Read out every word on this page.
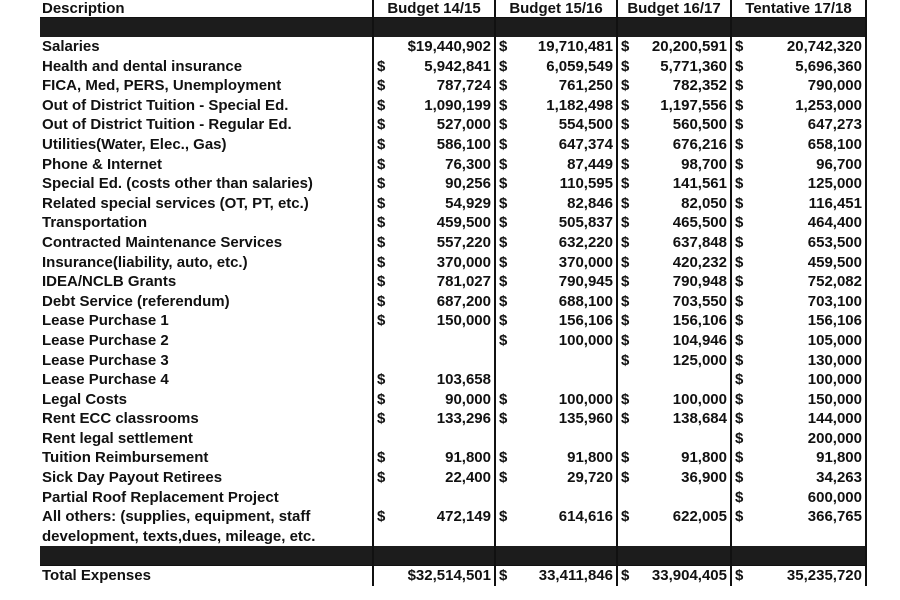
Description	Budget 14/15	Budget 15/16	Budget 16/17	Tentative 17/18

Salaries	$19,440,902	$ 19,710,481	$ 20,200,591	$ 20,742,320

Health and dental insurance	$ 5,942,841	$ 6,059,549	$ 5,771,360	$ 5,696,360

FICA, Med, PERS, Unemployment	$ 787,724	$ 761,250	$ 782,352	$ 790,000

Out of District Tuition - Special Ed.	$ 1,090,199	$ 1,182,498	$ 1,197,556	$ 1,253,000

Out of District Tuition - Regular Ed.	$ 527,000	$ 554,500	$ 560,500	$ 647,273

Utilities(Water, Elec., Gas)	$ 586,100	$ 647,374	$ 676,216	$ 658,100

Phone & Internet	$ 76,300	$ 87,449	$ 98,700	$ 96,700

Special Ed. (costs other than salaries)	$ 90,256	$ 110,595	$ 141,561	$ 125,000

Related special services (OT, PT, etc.)	$ 54,929	$ 82,846	$ 82,050	$ 116,451

Transportation	$ 459,500	$ 505,837	$ 465,500	$ 464,400

Contracted Maintenance Services	$ 557,220	$ 632,220	$ 637,848	$ 653,500

Insurance(liability, auto, etc.)	$ 370,000	$ 370,000	$ 420,232	$ 459,500

IDEA/NCLB Grants	$ 781,027	$ 790,945	$ 790,948	$ 752,082

Debt Service (referendum)	$ 687,200	$ 688,100	$ 703,550	$ 703,100

Lease Purchase 1	$ 150,000	$ 156,106	$ 156,106	$ 156,106

Lease Purchase 2		$ 100,000	$ 104,946	$ 105,000

Lease Purchase 3			$ 125,000	$ 130,000

Lease Purchase 4	$ 103,658			$ 100,000

Legal Costs	$ 90,000	$ 100,000	$ 100,000	$ 150,000

Rent ECC classrooms	$ 133,296	$ 135,960	$ 138,684	$ 144,000

Rent legal settlement				$ 200,000

Tuition Reimbursement	$ 91,800	$ 91,800	$ 91,800	$ 91,800

Sick Day Payout Retirees	$ 22,400	$ 29,720	$ 36,900	$ 34,263

Partial Roof Replacement Project				$ 600,000

All others: (supplies, equipment, staff	$ 472,149	$ 614,616	$ 622,005	$ 366,765

development, texts,dues, mileage, etc.				

Total Expenses	$32,514,501	$ 33,411,846	$ 33,904,405	$ 35,235,720
